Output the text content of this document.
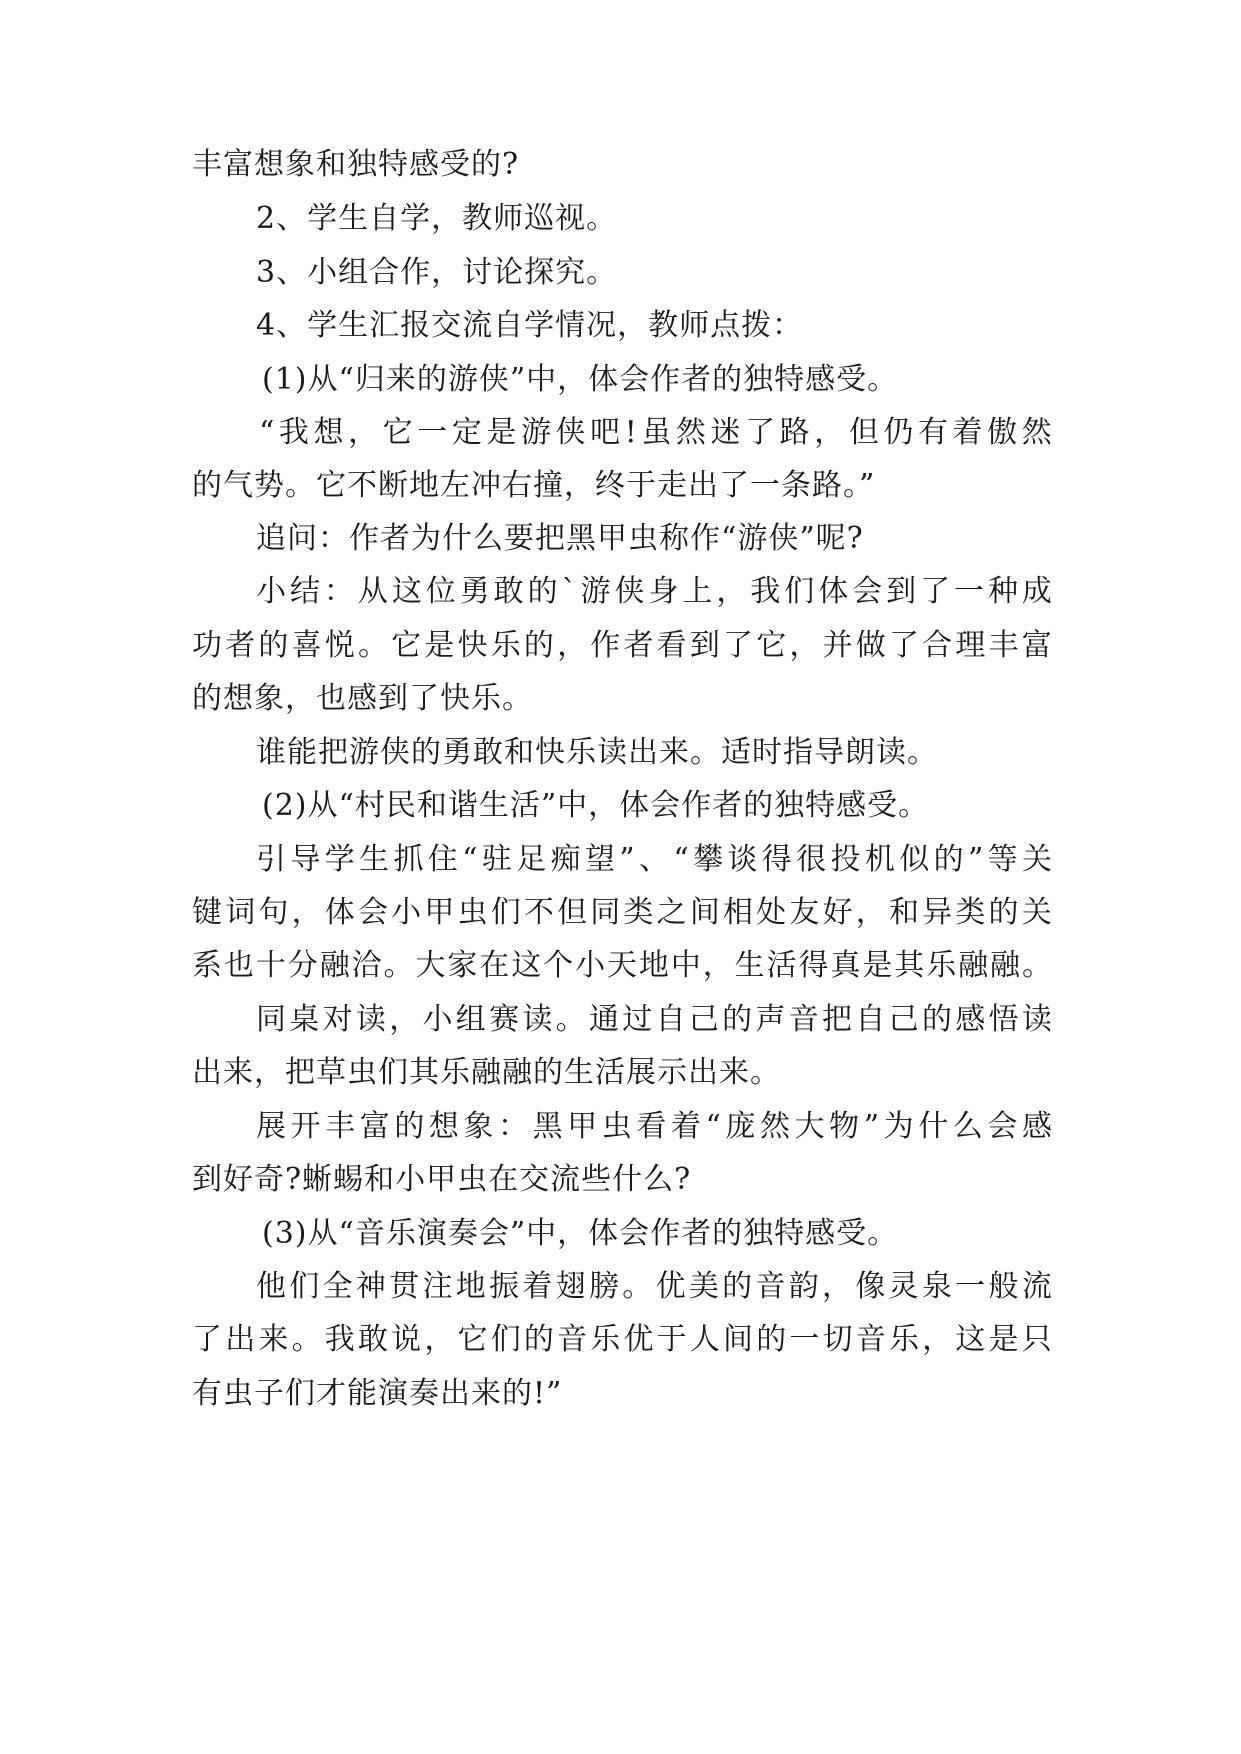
丰富想象和独特感受的?
2、学生自学，教师巡视。
3、小组合作，讨论探究。
4、学生汇报交流自学情况，教师点拨：
(1)从“归来的游侠”中，体会作者的独特感受。
“ 我 想 ， 它 一 定 是 游 侠 吧 ! 虽 然 迷 了 路 ， 但 仍 有 着 傲 然
的气势。它不断地左冲右撞，终于走出了一条路。”
追问：作者为什么要把黑甲虫称作“游侠”呢?
小 结 ： 从 这 位 勇 敢 的 ` 游 侠 身 上 ， 我 们 体 会 到 了 一 种 成
功 者 的 喜 悦 。 它 是 快 乐 的 ， 作 者 看 到 了 它 ， 并 做 了 合 理 丰 富
的想象，也感到了快乐。
谁能把游侠的勇敢和快乐读出来。适时指导朗读。
(2)从“村民和谐生活”中，体会作者的独特感受。
引 导 学 生 抓 住 “ 驻 足 痴 望 ” 、 “ 攀 谈 得 很 投 机 似 的 ” 等 关
键 词 句 ， 体 会 小 甲 虫 们 不 但 同 类 之 间 相 处 友 好 ， 和 异 类 的 关
系 也 十 分 融 洽 。 大 家 在 这 个 小 天 地 中 ， 生 活 得 真 是 其 乐 融 融 。
同 桌 对 读 ， 小 组 赛 读 。 通 过 自 己 的 声 音 把 自 己 的 感 悟 读
出来，把草虫们其乐融融的生活展示出来。
展 开 丰 富 的 想 象 ： 黑 甲 虫 看 着 “ 庞 然 大 物 ” 为 什 么 会 感
到好奇?蜥蜴和小甲虫在交流些什么?
(3)从“音乐演奏会”中，体会作者的独特感受。
他 们 全 神 贯 注 地 振 着 翅 膀 。 优 美 的 音 韵 ， 像 灵 泉 一 般 流
了 出 来 。 我 敢 说 ， 它 们 的 音 乐 优 于 人 间 的 一 切 音 乐 ， 这 是 只
有虫子们才能演奏出来的!”
